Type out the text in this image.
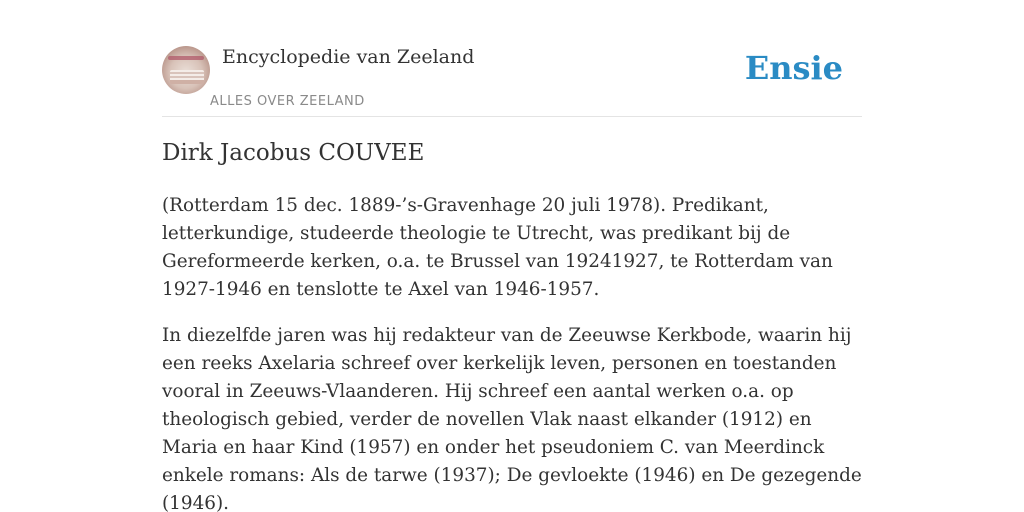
Encyclopedie van Zeeland
ALLES OVER ZEELAND
Ensie
Dirk Jacobus COUVEE

(Rotterdam 15 dec. 1889-’s-Gravenhage 20 juli 1978). Predikant, letterkundige, studeerde theologie te Utrecht, was predikant bij de Gereformeerde kerken, o.a. te Brussel van 19241927, te Rotterdam van 1927-1946 en tenslotte te Axel van 1946-1957.

In diezelfde jaren was hij redakteur van de Zeeuwse Kerkbode, waarin hij een reeks Axelaria schreef over kerkelijk leven, personen en toestanden vooral in Zeeuws-Vlaanderen. Hij schreef een aantal werken o.a. op theologisch gebied, verder de novellen Vlak naast elkander (1912) en Maria en haar Kind (1957) en onder het pseudoniem C. van Meerdinck enkele romans: Als de tarwe (1937); De gevloekte (1946) en De gezegende (1946).
